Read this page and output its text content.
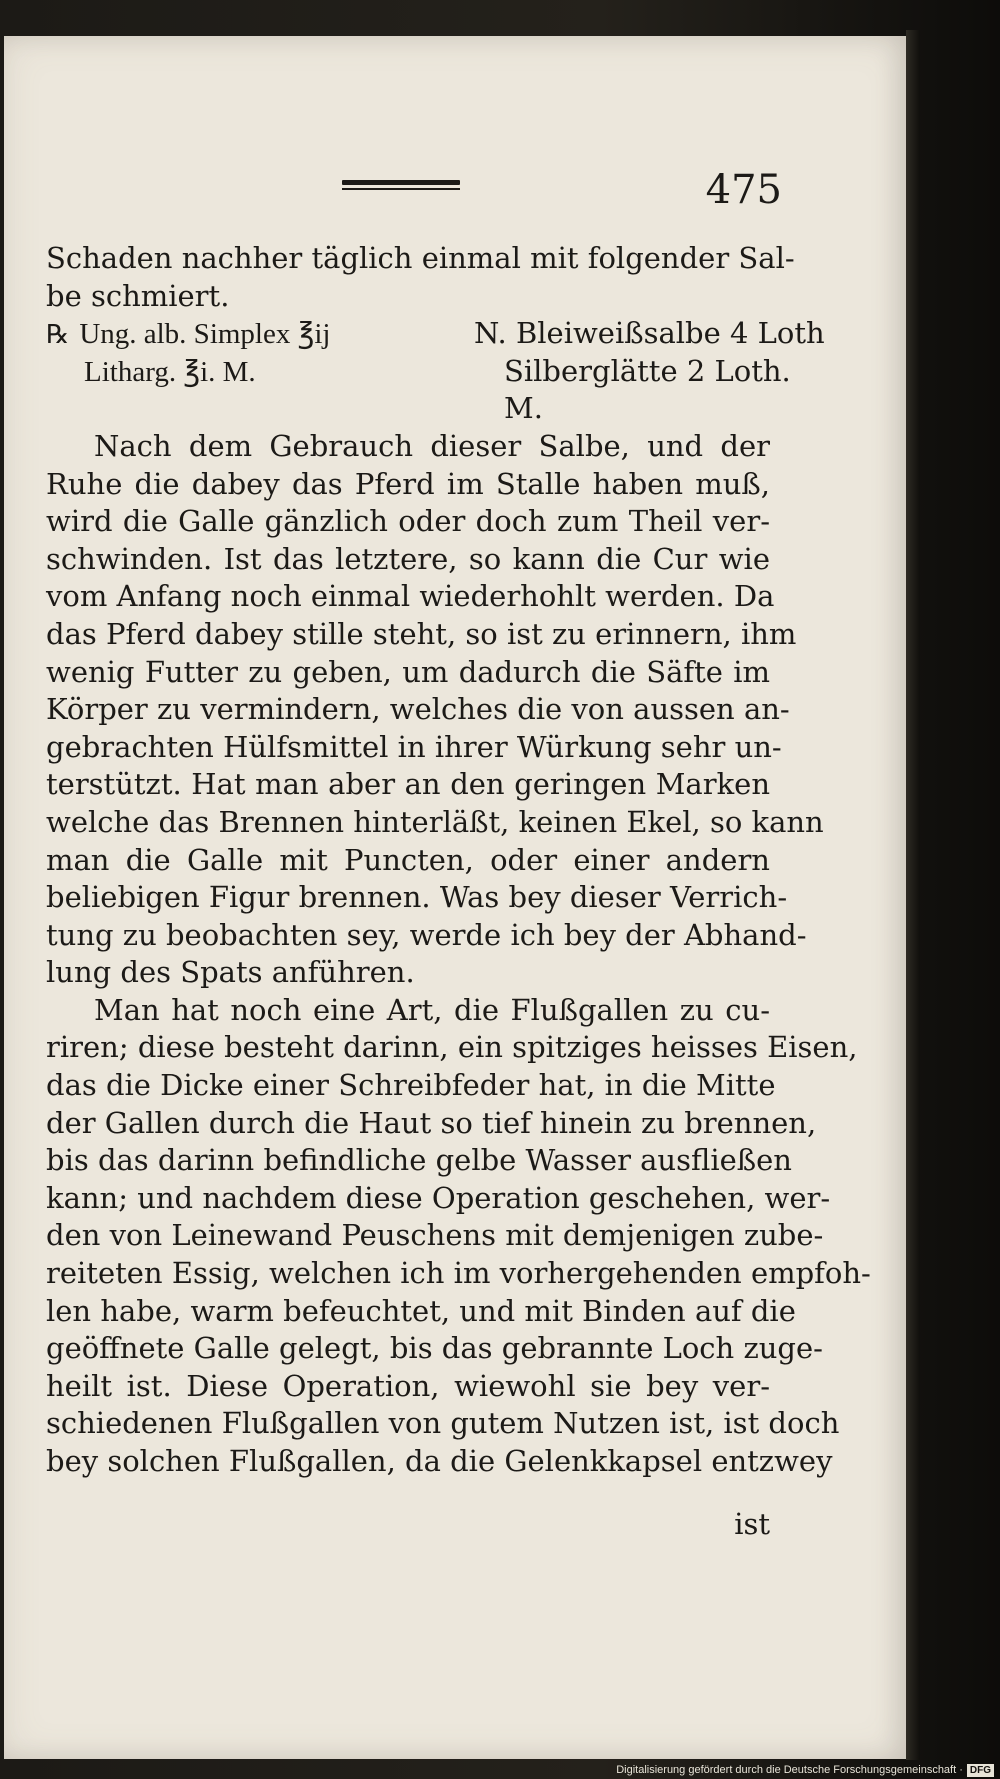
475
Schaden nachher täglich einmal mit folgender Sal-
be schmiert.
℞ Ung. alb. Simplex ℥ij	N. Bleiweißsalbe 4 Loth
Litharg. ℥i. M.	Silberglätte 2 Loth.
M.
Nach dem Gebrauch dieser Salbe, und der
Ruhe die dabey das Pferd im Stalle haben muß,
wird die Galle gänzlich oder doch zum Theil ver-
schwinden. Ist das letztere, so kann die Cur wie
vom Anfang noch einmal wiederhohlt werden. Da
das Pferd dabey stille steht, so ist zu erinnern, ihm
wenig Futter zu geben, um dadurch die Säfte im
Körper zu vermindern, welches die von aussen an-
gebrachten Hülfsmittel in ihrer Würkung sehr un-
terstützt. Hat man aber an den geringen Marken
welche das Brennen hinterläßt, keinen Ekel, so kann
man die Galle mit Puncten, oder einer andern
beliebigen Figur brennen. Was bey dieser Verrich-
tung zu beobachten sey, werde ich bey der Abhand-
lung des Spats anführen.
Man hat noch eine Art, die Flußgallen zu cu-
riren; diese besteht darinn, ein spitziges heisses Eisen,
das die Dicke einer Schreibfeder hat, in die Mitte
der Gallen durch die Haut so tief hinein zu brennen,
bis das darinn befindliche gelbe Wasser ausfließen
kann; und nachdem diese Operation geschehen, wer-
den von Leinewand Peuschens mit demjenigen zube-
reiteten Essig, welchen ich im vorhergehenden empfoh-
len habe, warm befeuchtet, und mit Binden auf die
geöffnete Galle gelegt, bis das gebrannte Loch zuge-
heilt ist. Diese Operation, wiewohl sie bey ver-
schiedenen Flußgallen von gutem Nutzen ist, ist doch
bey solchen Flußgallen, da die Gelenkkapsel entzwey
ist
Digitalisierung gefördert durch die Deutsche Forschungsgemeinschaft · DFG
